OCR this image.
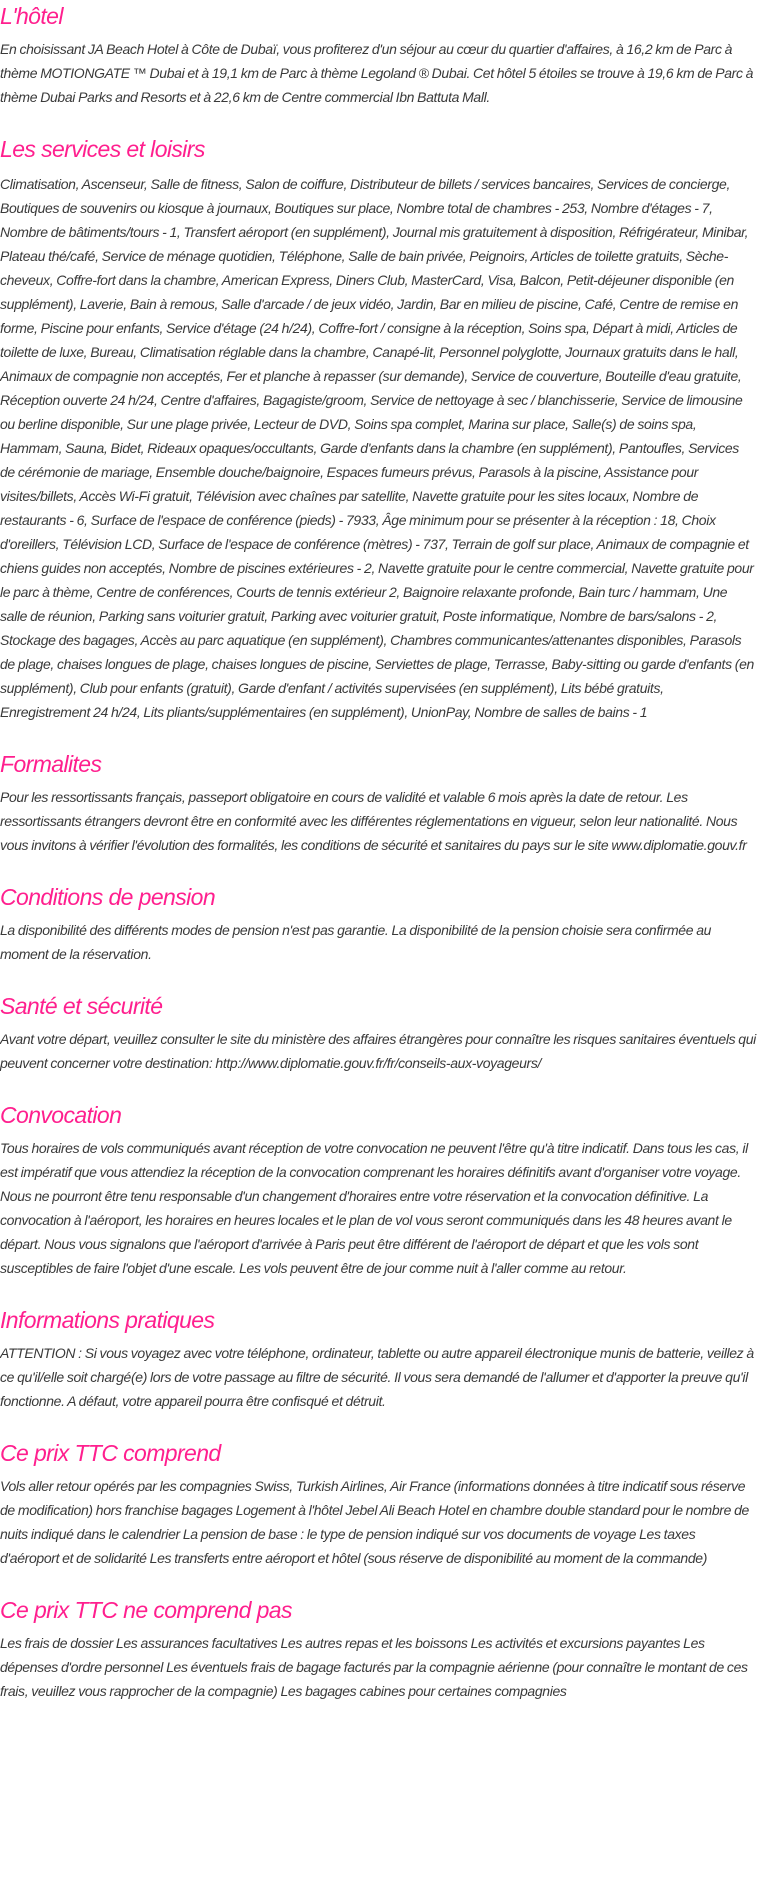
L'hôtel

En choisissant JA Beach Hotel à Côte de Dubaï, vous profiterez d'un séjour au cœur du quartier d'affaires, à 16,2 km de Parc à thème MOTIONGATE ™ Dubai et à 19,1 km de Parc à thème Legoland ® Dubai. Cet hôtel 5 étoiles se trouve à 19,6 km de Parc à thème Dubai Parks and Resorts et à 22,6 km de Centre commercial Ibn Battuta Mall.

Les services et loisirs

Climatisation, Ascenseur, Salle de fitness, Salon de coiffure, Distributeur de billets / services bancaires, Services de concierge, Boutiques de souvenirs ou kiosque à journaux, Boutiques sur place, Nombre total de chambres - 253, Nombre d'étages - 7, Nombre de bâtiments/tours - 1, Transfert aéroport (en supplément), Journal mis gratuitement à disposition, Réfrigérateur, Minibar, Plateau thé/café, Service de ménage quotidien, Téléphone, Salle de bain privée, Peignoirs, Articles de toilette gratuits, Sèche-cheveux, Coffre-fort dans la chambre, American Express, Diners Club, MasterCard, Visa, Balcon, Petit-déjeuner disponible (en supplément), Laverie, Bain à remous, Salle d'arcade / de jeux vidéo, Jardin, Bar en milieu de piscine, Café, Centre de remise en forme, Piscine pour enfants, Service d'étage (24 h/24), Coffre-fort / consigne à la réception, Soins spa, Départ à midi, Articles de toilette de luxe, Bureau, Climatisation réglable dans la chambre, Canapé-lit, Personnel polyglotte, Journaux gratuits dans le hall, Animaux de compagnie non acceptés, Fer et planche à repasser (sur demande), Service de couverture, Bouteille d'eau gratuite, Réception ouverte 24 h/24, Centre d'affaires, Bagagiste/groom, Service de nettoyage à sec / blanchisserie, Service de limousine ou berline disponible, Sur une plage privée, Lecteur de DVD, Soins spa complet, Marina sur place, Salle(s) de soins spa, Hammam, Sauna, Bidet, Rideaux opaques/occultants, Garde d'enfants dans la chambre (en supplément), Pantoufles, Services de cérémonie de mariage, Ensemble douche/baignoire, Espaces fumeurs prévus, Parasols à la piscine, Assistance pour visites/billets, Accès Wi-Fi gratuit, Télévision avec chaînes par satellite, Navette gratuite pour les sites locaux, Nombre de restaurants - 6, Surface de l'espace de conférence (pieds) - 7933, Âge minimum pour se présenter à la réception : 18, Choix d'oreillers, Télévision LCD, Surface de l'espace de conférence (mètres) - 737, Terrain de golf sur place, Animaux de compagnie et chiens guides non acceptés, Nombre de piscines extérieures - 2, Navette gratuite pour le centre commercial, Navette gratuite pour le parc à thème, Centre de conférences, Courts de tennis extérieur 2, Baignoire relaxante profonde, Bain turc / hammam, Une salle de réunion, Parking sans voiturier gratuit, Parking avec voiturier gratuit, Poste informatique, Nombre de bars/salons - 2, Stockage des bagages, Accès au parc aquatique (en supplément), Chambres communicantes/attenantes disponibles, Parasols de plage, chaises longues de plage, chaises longues de piscine, Serviettes de plage, Terrasse, Baby-sitting ou garde d'enfants (en supplément), Club pour enfants (gratuit), Garde d'enfant / activités supervisées (en supplément), Lits bébé gratuits, Enregistrement 24 h/24, Lits pliants/supplémentaires (en supplément), UnionPay, Nombre de salles de bains - 1

Formalites

Pour les ressortissants français, passeport obligatoire en cours de validité et valable 6 mois après la date de retour. Les ressortissants étrangers devront être en conformité avec les différentes réglementations en vigueur, selon leur nationalité. Nous vous invitons à vérifier l'évolution des formalités, les conditions de sécurité et sanitaires du pays sur le site www.diplomatie.gouv.fr

Conditions de pension

La disponibilité des différents modes de pension n'est pas garantie. La disponibilité de la pension choisie sera confirmée au moment de la réservation.

Santé et sécurité

Avant votre départ, veuillez consulter le site du ministère des affaires étrangères pour connaître les risques sanitaires éventuels qui peuvent concerner votre destination: http://www.diplomatie.gouv.fr/fr/conseils-aux-voyageurs/

Convocation

Tous horaires de vols communiqués avant réception de votre convocation ne peuvent l'être qu'à titre indicatif. Dans tous les cas, il est impératif que vous attendiez la réception de la convocation comprenant les horaires définitifs avant d'organiser votre voyage. Nous ne pourront être tenu responsable d'un changement d'horaires entre votre réservation et la convocation définitive. La convocation à l'aéroport, les horaires en heures locales et le plan de vol vous seront communiqués dans les 48 heures avant le départ. Nous vous signalons que l'aéroport d'arrivée à Paris peut être différent de l'aéroport de départ et que les vols sont susceptibles de faire l'objet d'une escale. Les vols peuvent être de jour comme nuit à l'aller comme au retour.

Informations pratiques

ATTENTION : Si vous voyagez avec votre téléphone, ordinateur, tablette ou autre appareil électronique munis de batterie, veillez à ce qu'il/elle soit chargé(e) lors de votre passage au filtre de sécurité. Il vous sera demandé de l'allumer et d'apporter la preuve qu'il fonctionne. A défaut, votre appareil pourra être confisqué et détruit.

Ce prix TTC comprend

Vols aller retour opérés par les compagnies Swiss, Turkish Airlines, Air France (informations données à titre indicatif sous réserve de modification) hors franchise bagages Logement à l'hôtel Jebel Ali Beach Hotel en chambre double standard pour le nombre de nuits indiqué dans le calendrier La pension de base : le type de pension indiqué sur vos documents de voyage Les taxes d'aéroport et de solidarité Les transferts entre aéroport et hôtel (sous réserve de disponibilité au moment de la commande)

Ce prix TTC ne comprend pas

Les frais de dossier Les assurances facultatives Les autres repas et les boissons Les activités et excursions payantes Les dépenses d'ordre personnel Les éventuels frais de bagage facturés par la compagnie aérienne (pour connaître le montant de ces frais, veuillez vous rapprocher de la compagnie) Les bagages cabines pour certaines compagnies
